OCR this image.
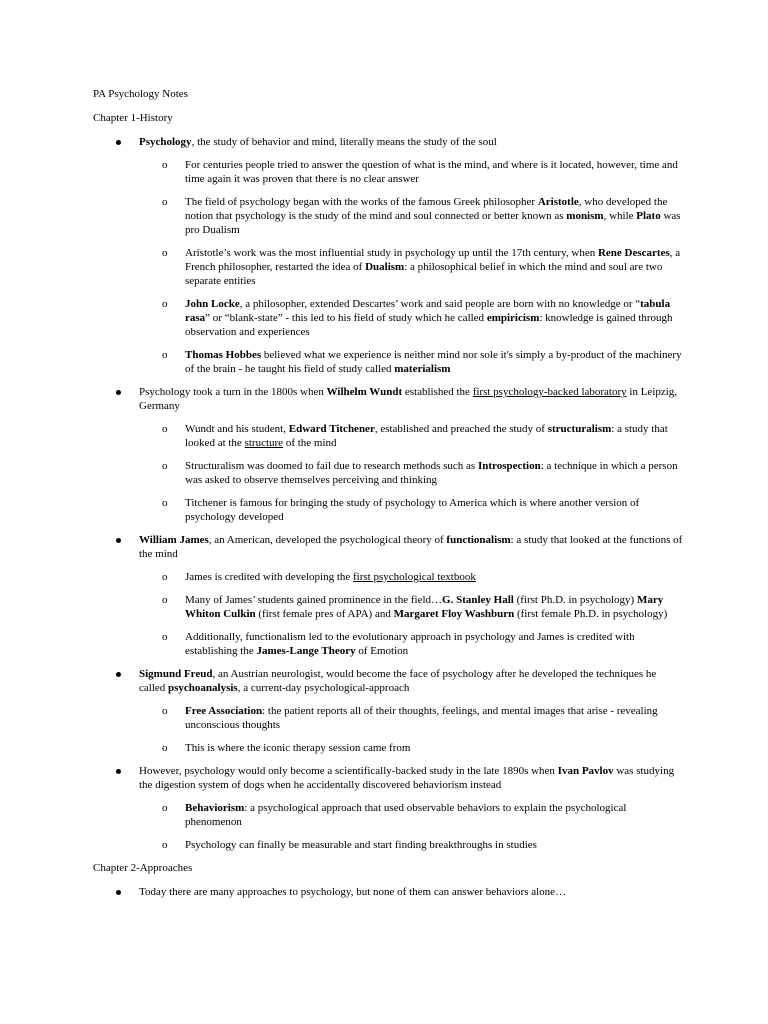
PA Psychology Notes

Chapter 1-History

Psychology, the study of behavior and mind, literally means the study of the soul
o For centuries people tried to answer the question of what is the mind, and where is it located, however, time and time again it was proven that there is no clear answer
o The field of psychology began with the works of the famous Greek philosopher Aristotle, who developed the notion that psychology is the study of the mind and soul connected or better known as monism, while Plato was pro Dualism
o Aristotle’s work was the most influential study in psychology up until the 17th century, when Rene Descartes, a French philosopher, restarted the idea of Dualism: a philosophical belief in which the mind and soul are two separate entities
o John Locke, a philosopher, extended Descartes’ work and said people are born with no knowledge or “tabula rasa” or “blank-state” - this led to his field of study which he called empiricism: knowledge is gained through observation and experiences
o Thomas Hobbes believed what we experience is neither mind nor sole it's simply a by-product of the machinery of the brain - he taught his field of study called materialism
Psychology took a turn in the 1800s when Wilhelm Wundt established the first psychology-backed laboratory in Leipzig, Germany
o Wundt and his student, Edward Titchener, established and preached the study of structuralism: a study that looked at the structure of the mind
o Structuralism was doomed to fail due to research methods such as Introspection: a technique in which a person was asked to observe themselves perceiving and thinking
o Titchener is famous for bringing the study of psychology to America which is where another version of psychology developed
William James, an American, developed the psychological theory of functionalism: a study that looked at the functions of the mind
o James is credited with developing the first psychological textbook
o Many of James’ students gained prominence in the field…G. Stanley Hall (first Ph.D. in psychology) Mary Whiton Culkin (first female pres of APA) and Margaret Floy Washburn (first female Ph.D. in psychology)
o Additionally, functionalism led to the evolutionary approach in psychology and James is credited with establishing the James-Lange Theory of Emotion
Sigmund Freud, an Austrian neurologist, would become the face of psychology after he developed the techniques he called psychoanalysis, a current-day psychological-approach
o Free Association: the patient reports all of their thoughts, feelings, and mental images that arise - revealing unconscious thoughts
o This is where the iconic therapy session came from
However, psychology would only become a scientifically-backed study in the late 1890s when Ivan Pavlov was studying the digestion system of dogs when he accidentally discovered behaviorism instead
o Behaviorism: a psychological approach that used observable behaviors to explain the psychological phenomenon
o Psychology can finally be measurable and start finding breakthroughs in studies

Chapter 2-Approaches

Today there are many approaches to psychology, but none of them can answer behaviors alone…
